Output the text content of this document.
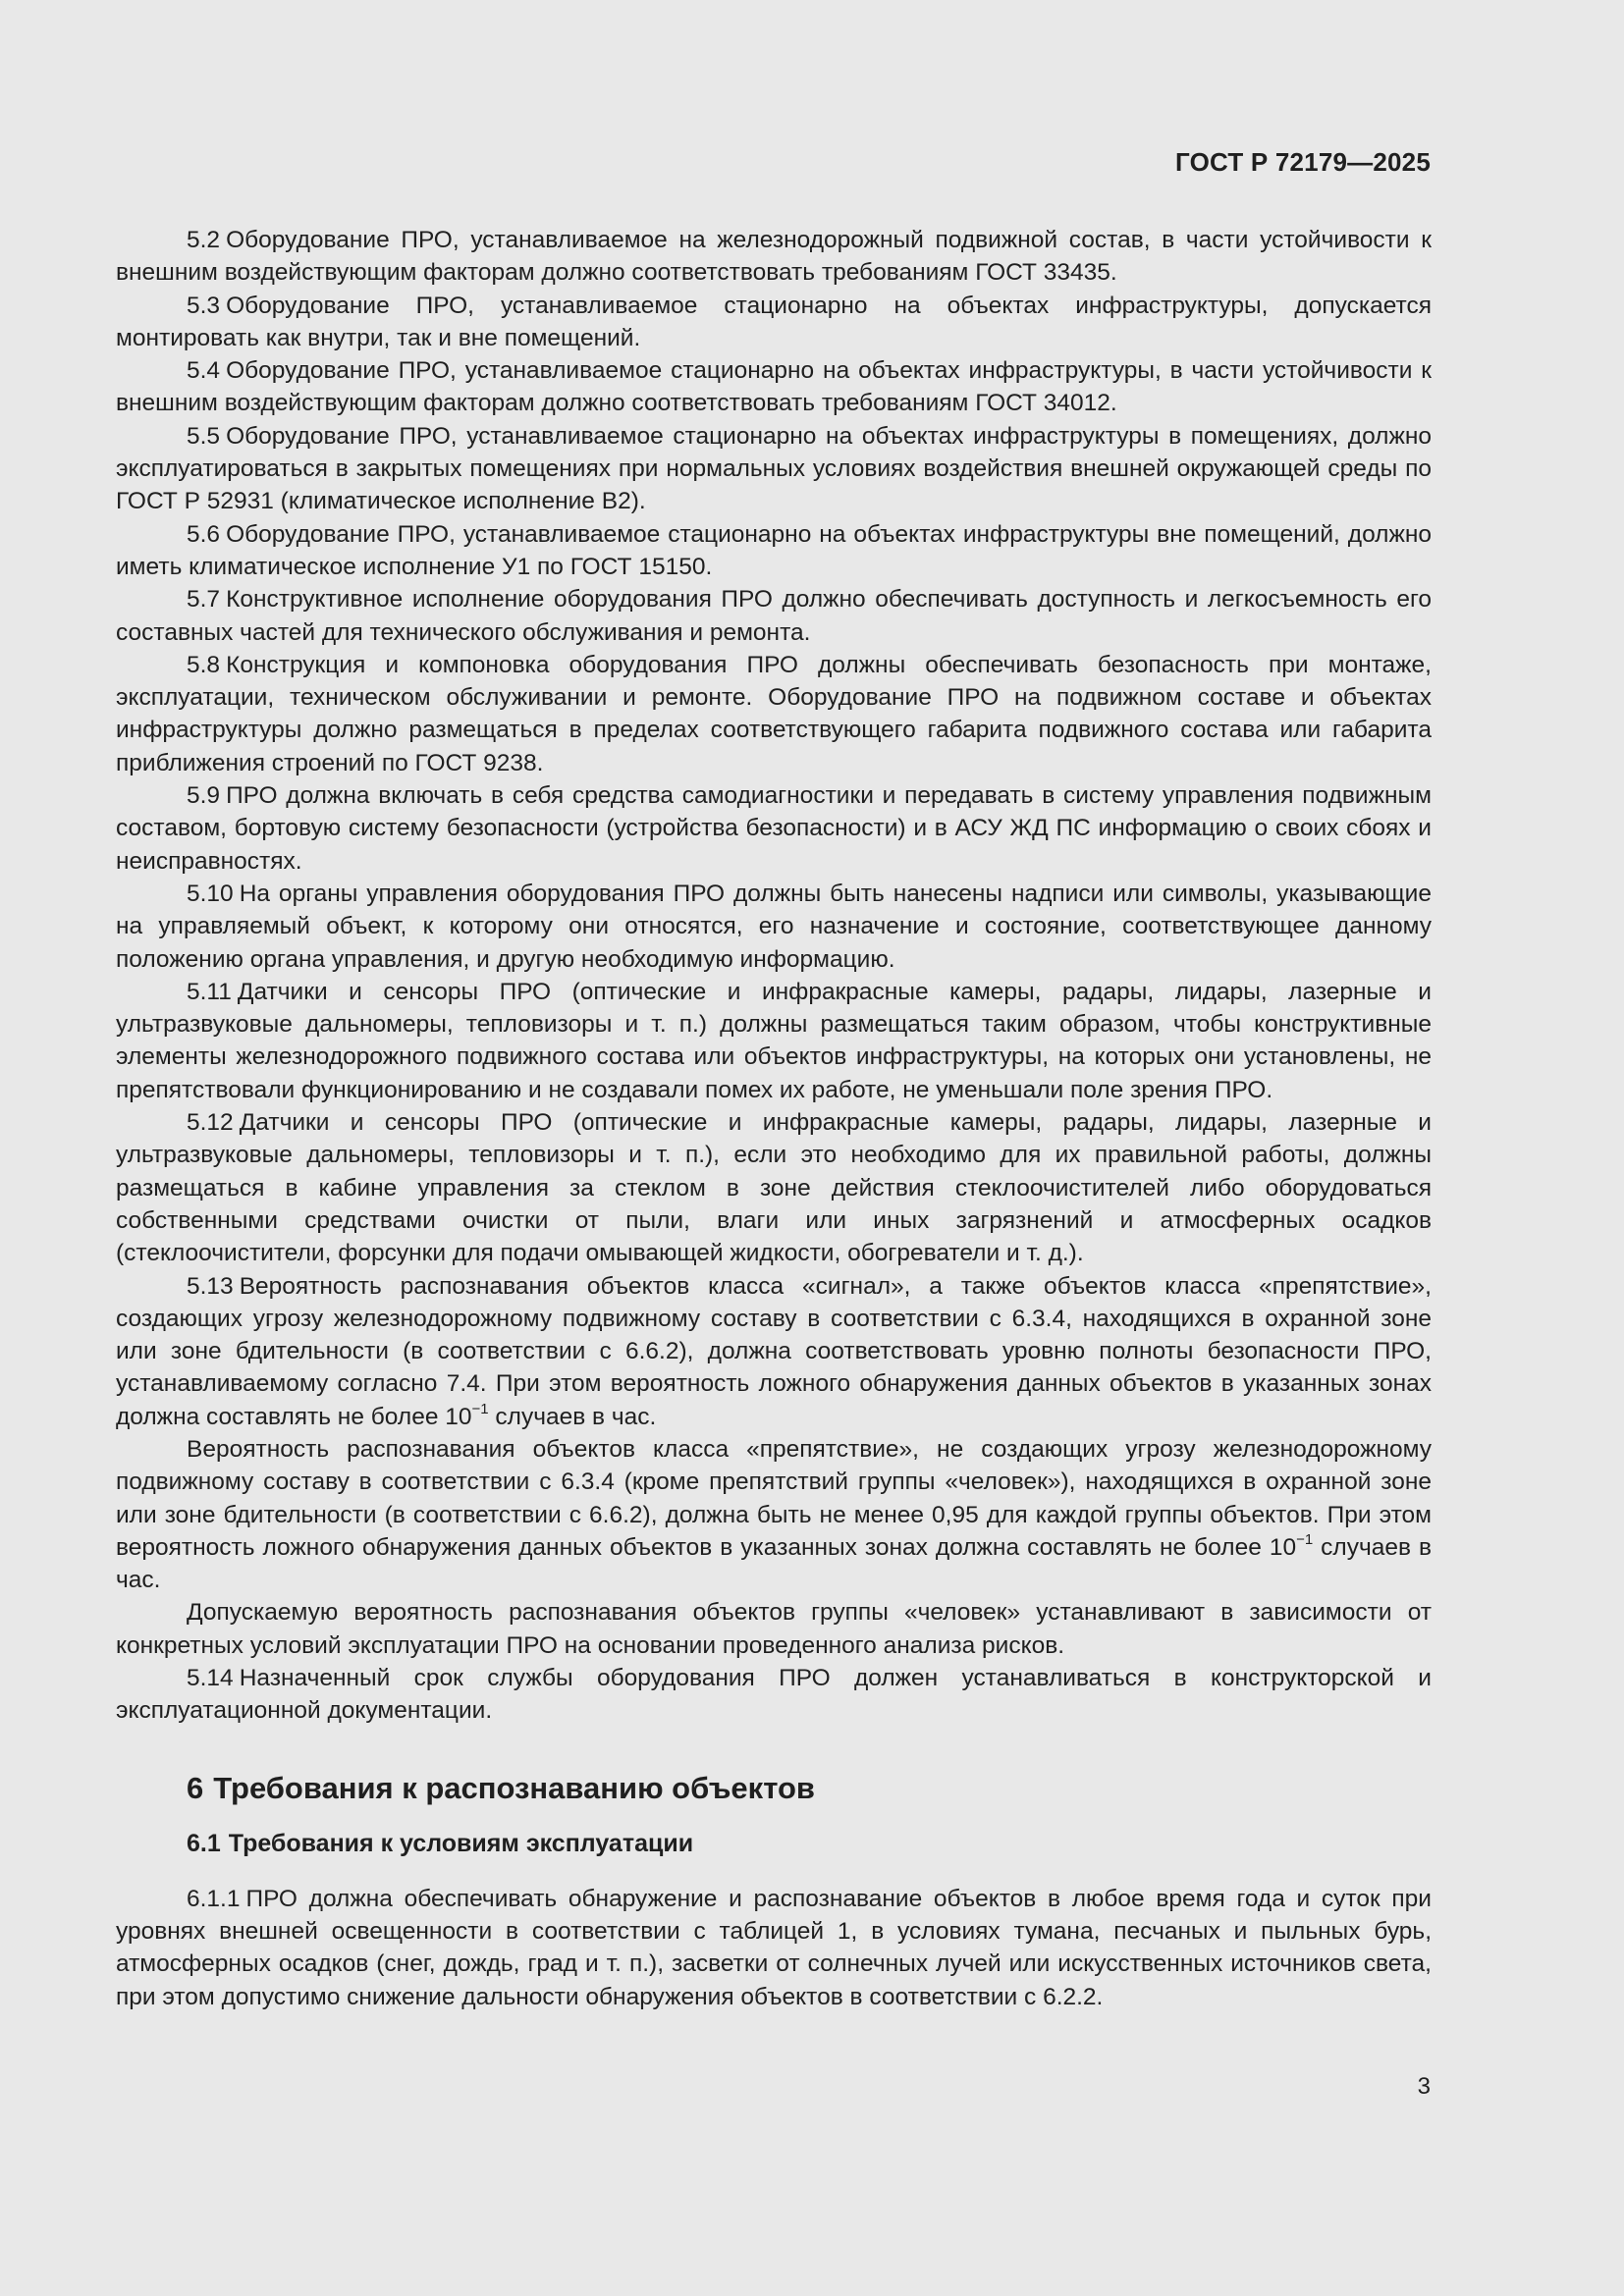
ГОСТ Р 72179—2025

5.2 Оборудование ПРО, устанавливаемое на железнодорожный подвижной состав, в части устойчивости к внешним воздействующим факторам должно соответствовать требованиям ГОСТ 33435.

5.3 Оборудование ПРО, устанавливаемое стационарно на объектах инфраструктуры, допускается монтировать как внутри, так и вне помещений.

5.4 Оборудование ПРО, устанавливаемое стационарно на объектах инфраструктуры, в части устойчивости к внешним воздействующим факторам должно соответствовать требованиям ГОСТ 34012.

5.5 Оборудование ПРО, устанавливаемое стационарно на объектах инфраструктуры в помещениях, должно эксплуатироваться в закрытых помещениях при нормальных условиях воздействия внешней окружающей среды по ГОСТ Р 52931 (климатическое исполнение В2).

5.6 Оборудование ПРО, устанавливаемое стационарно на объектах инфраструктуры вне помещений, должно иметь климатическое исполнение У1 по ГОСТ 15150.

5.7 Конструктивное исполнение оборудования ПРО должно обеспечивать доступность и легкосъемность его составных частей для технического обслуживания и ремонта.

5.8 Конструкция и компоновка оборудования ПРО должны обеспечивать безопасность при монтаже, эксплуатации, техническом обслуживании и ремонте. Оборудование ПРО на подвижном составе и объектах инфраструктуры должно размещаться в пределах соответствующего габарита подвижного состава или габарита приближения строений по ГОСТ 9238.

5.9 ПРО должна включать в себя средства самодиагностики и передавать в систему управления подвижным составом, бортовую систему безопасности (устройства безопасности) и в АСУ ЖД ПС информацию о своих сбоях и неисправностях.

5.10 На органы управления оборудования ПРО должны быть нанесены надписи или символы, указывающие на управляемый объект, к которому они относятся, его назначение и состояние, соответствующее данному положению органа управления, и другую необходимую информацию.

5.11 Датчики и сенсоры ПРО (оптические и инфракрасные камеры, радары, лидары, лазерные и ультразвуковые дальномеры, тепловизоры и т. п.) должны размещаться таким образом, чтобы конструктивные элементы железнодорожного подвижного состава или объектов инфраструктуры, на которых они установлены, не препятствовали функционированию и не создавали помех их работе, не уменьшали поле зрения ПРО.

5.12 Датчики и сенсоры ПРО (оптические и инфракрасные камеры, радары, лидары, лазерные и ультразвуковые дальномеры, тепловизоры и т. п.), если это необходимо для их правильной работы, должны размещаться в кабине управления за стеклом в зоне действия стеклоочистителей либо оборудоваться собственными средствами очистки от пыли, влаги или иных загрязнений и атмосферных осадков (стеклоочистители, форсунки для подачи омывающей жидкости, обогреватели и т. д.).

5.13 Вероятность распознавания объектов класса «сигнал», а также объектов класса «препятствие», создающих угрозу железнодорожному подвижному составу в соответствии с 6.3.4, находящихся в охранной зоне или зоне бдительности (в соответствии с 6.6.2), должна соответствовать уровню полноты безопасности ПРО, устанавливаемому согласно 7.4. При этом вероятность ложного обнаружения данных объектов в указанных зонах должна составлять не более $10^{-1}$ случаев в час.

Вероятность распознавания объектов класса «препятствие», не создающих угрозу железнодорожному подвижному составу в соответствии с 6.3.4 (кроме препятствий группы «человек»), находящихся в охранной зоне или зоне бдительности (в соответствии с 6.6.2), должна быть не менее 0,95 для каждой группы объектов. При этом вероятность ложного обнаружения данных объектов в указанных зонах должна составлять не более $10^{-1}$ случаев в час.

Допускаемую вероятность распознавания объектов группы «человек» устанавливают в зависимости от конкретных условий эксплуатации ПРО на основании проведенного анализа рисков.

5.14 Назначенный срок службы оборудования ПРО должен устанавливаться в конструкторской и эксплуатационной документации.

6 Требования к распознаванию объектов
6.1 Требования к условиям эксплуатации

6.1.1 ПРО должна обеспечивать обнаружение и распознавание объектов в любое время года и суток при уровнях внешней освещенности в соответствии с таблицей 1, в условиях тумана, песчаных и пыльных бурь, атмосферных осадков (снег, дождь, град и т. п.), засветки от солнечных лучей или искусственных источников света, при этом допустимо снижение дальности обнаружения объектов в соответствии с 6.2.2.

3
